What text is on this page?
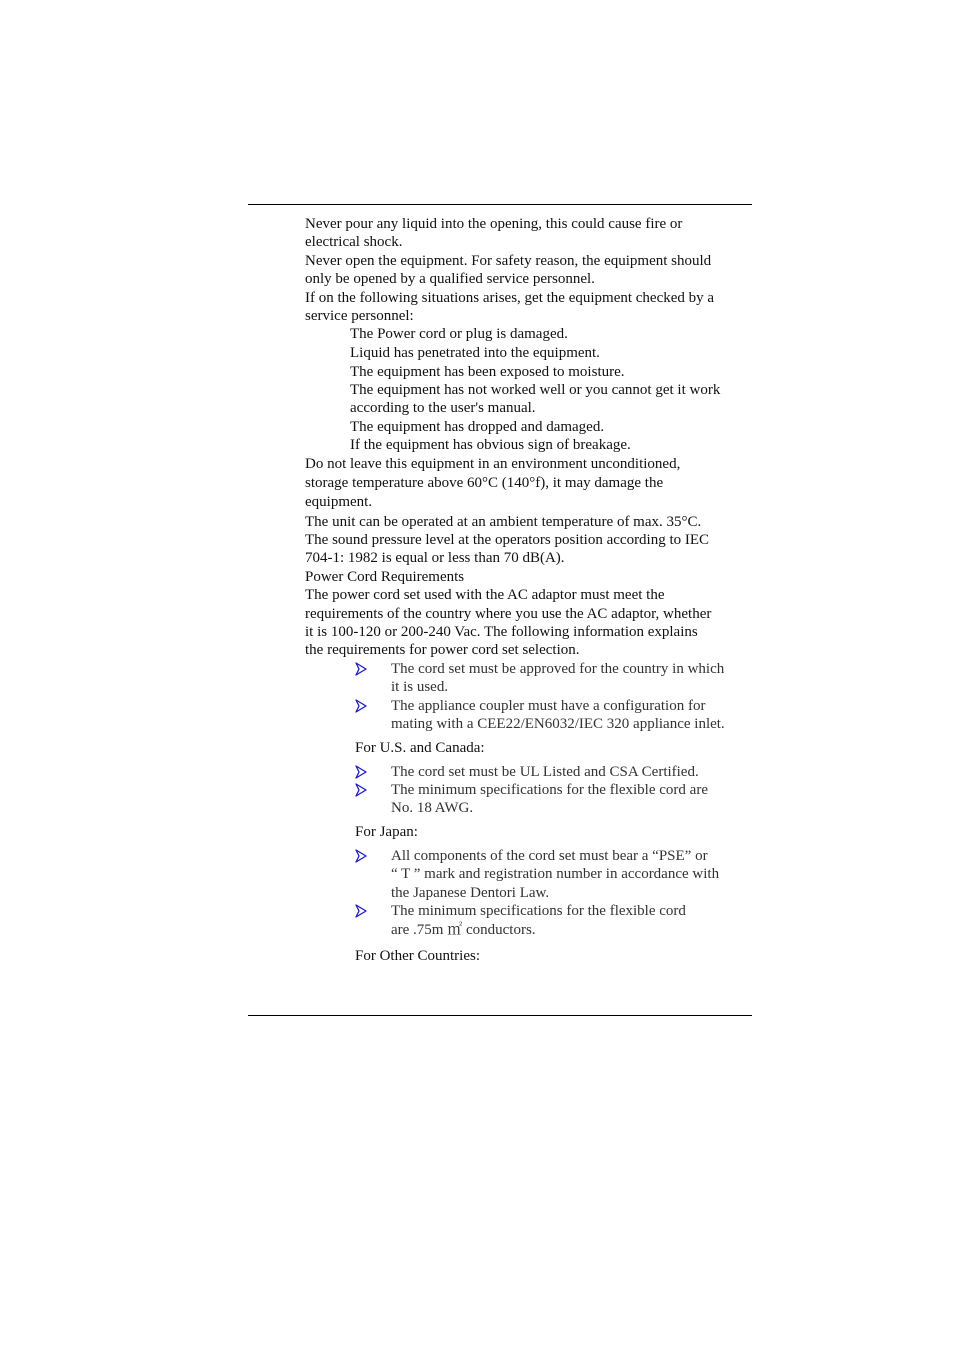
Never pour any liquid into the opening, this could cause fire or
electrical shock.
Never open the equipment. For safety reason, the equipment should
only be opened by a qualified service personnel.
If on the following situations arises, get the equipment checked by a
service personnel:
The Power cord or plug is damaged.
Liquid has penetrated into the equipment.
The equipment has been exposed to moisture.
The equipment has not worked well or you cannot get it work
according to the user's manual.
The equipment has dropped and damaged.
If the equipment has obvious sign of breakage.
Do not leave this equipment in an environment unconditioned,
storage temperature above 60°C (140°f), it may damage the
equipment.
The unit can be operated at an ambient temperature of max. 35°C.
The sound pressure level at the operators position according to IEC
704-1: 1982 is equal or less than 70 dB(A).
Power Cord Requirements
The power cord set used with the AC adaptor must meet the
requirements of the country where you use the AC adaptor, whether
it is 100-120 or 200-240 Vac. The following information explains
the requirements for power cord set selection.
The cord set must be approved for the country in which
it is used.
The appliance coupler must have a configuration for
mating with a CEE22/EN6032/IEC 320 appliance inlet.
For U.S. and Canada:
The cord set must be UL Listed and CSA Certified.
The minimum specifications for the flexible cord are
No. 18 AWG.
For Japan:
All components of the cord set must bear a “PSE” or
“ T ” mark and registration number in accordance with
the Japanese Dentori Law.
The minimum specifications for the flexible cord
are .75m ㎡ conductors.
For Other Countries:
